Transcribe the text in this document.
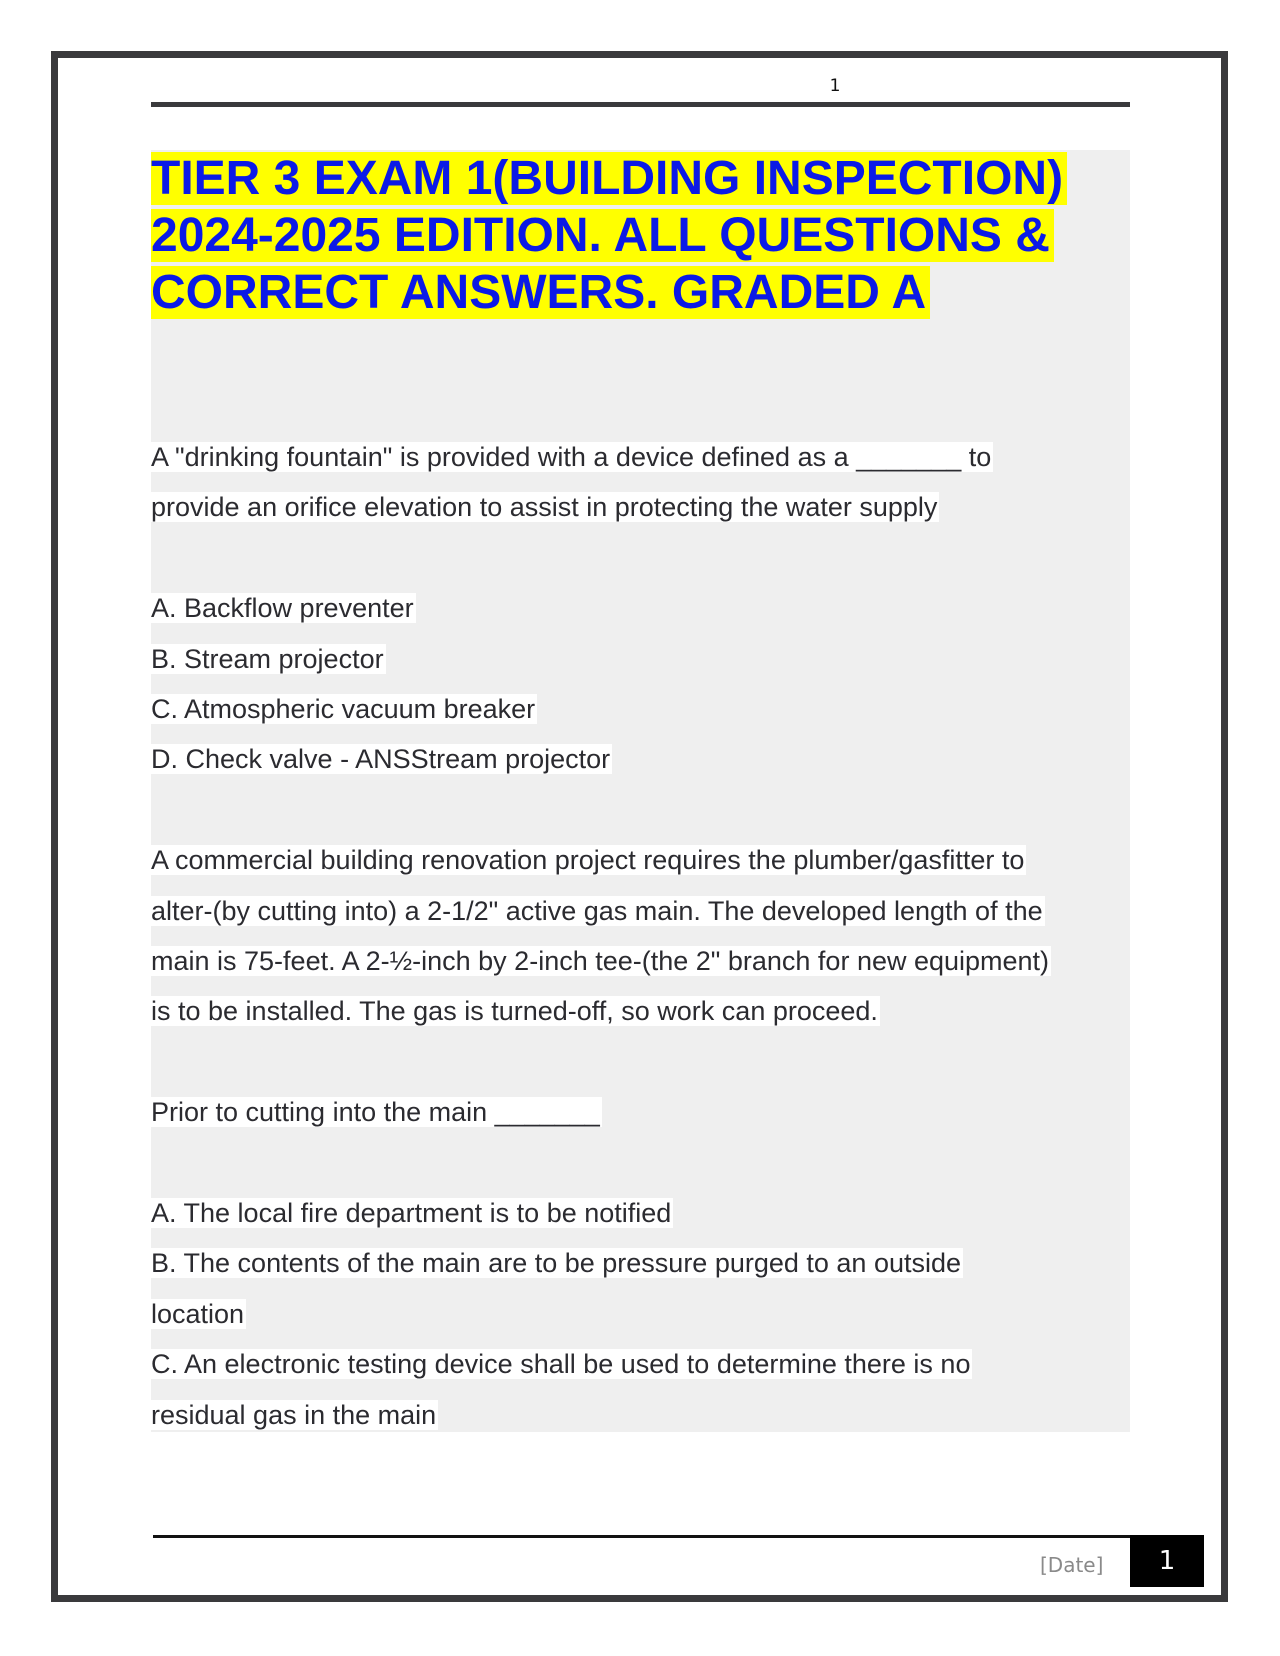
1
TIER 3 EXAM 1(BUILDING INSPECTION)
2024-2025 EDITION. ALL QUESTIONS &
CORRECT ANSWERS. GRADED A

A "drinking fountain" is provided with a device defined as a _______ to
provide an orifice elevation to assist in protecting the water supply

A. Backflow preventer

B. Stream projector

C. Atmospheric vacuum breaker

D. Check valve - ANSStream projector

A commercial building renovation project requires the plumber/gasfitter to
alter-(by cutting into) a 2-1/2" active gas main. The developed length of the
main is 75-feet. A 2-½-inch by 2-inch tee-(the 2" branch for new equipment)
is to be installed. The gas is turned-off, so work can proceed.

Prior to cutting into the main _______

A. The local fire department is to be notified

B. The contents of the main are to be pressure purged to an outside
location

C. An electronic testing device shall be used to determine there is no
residual gas in the main

[Date]	1
